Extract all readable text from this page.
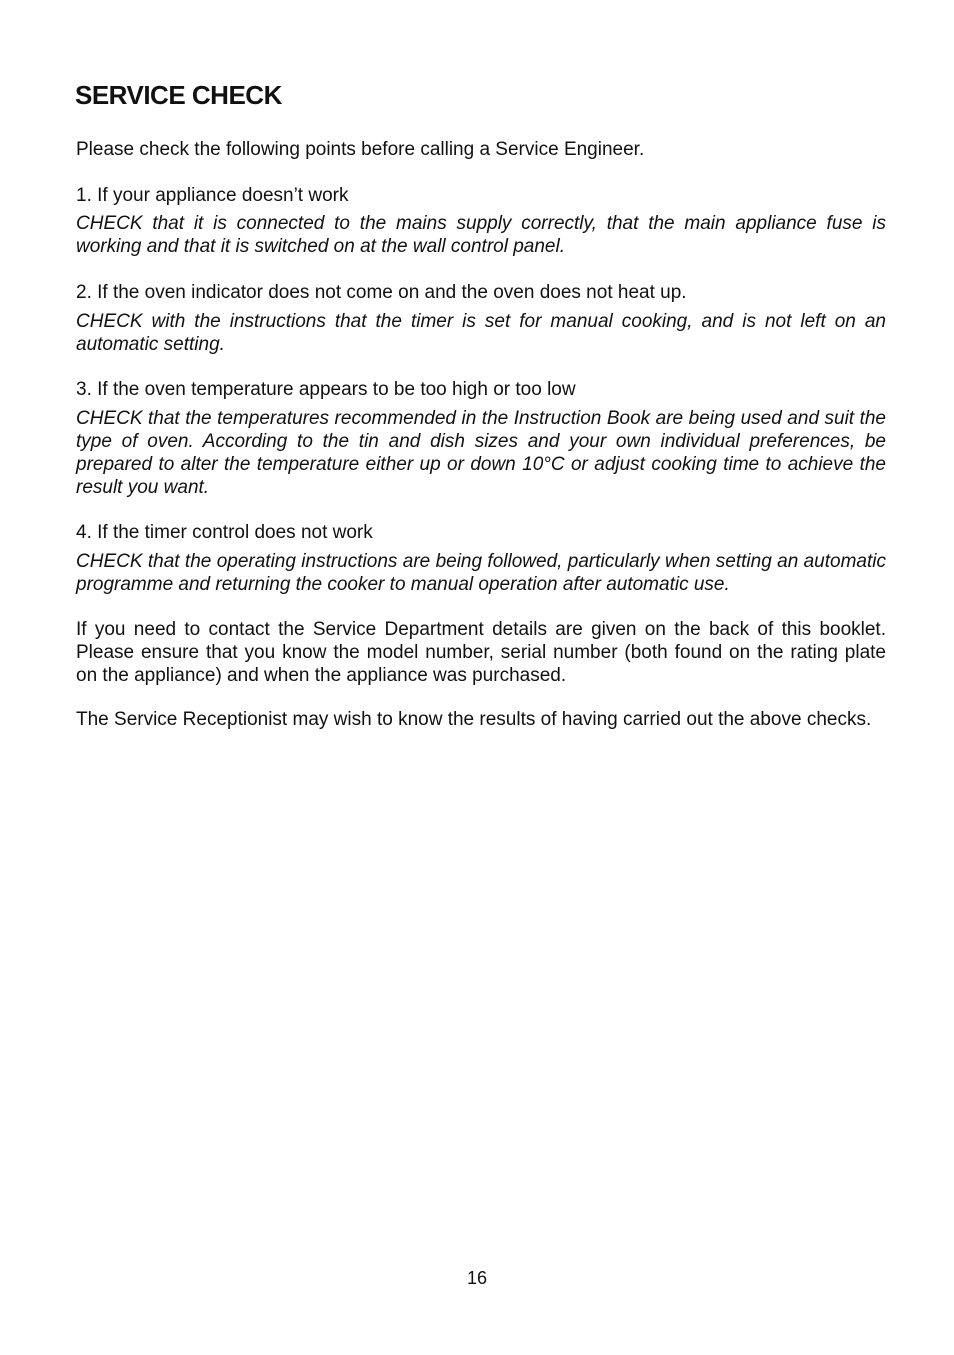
SERVICE CHECK

Please check the following points before calling a Service Engineer.

1. If your appliance doesn’t work

CHECK that it is connected to the mains supply correctly, that the main appliance fuse is working and that it is switched on at the wall control panel.

2. If the oven indicator does not come on and the oven does not heat up.

CHECK with the instructions that the timer is set for manual cooking, and is not left on an automatic setting.

3. If the oven temperature appears to be too high or too low

CHECK that the temperatures recommended in the Instruction Book are being used and suit the type of oven. According to the tin and dish sizes and your own individual preferences, be prepared to alter the temperature either up or down 10°C or adjust cooking time to achieve the result you want.

4. If the timer control does not work

CHECK that the operating instructions are being followed, particularly when setting an automatic programme and returning the cooker to manual operation after automatic use.

If you need to contact the Service Department details are given on the back of this booklet. Please ensure that you know the model number, serial number (both found on the rating plate on the appliance) and when the appliance was purchased.

The Service Receptionist may wish to know the results of having carried out the above checks.

16
